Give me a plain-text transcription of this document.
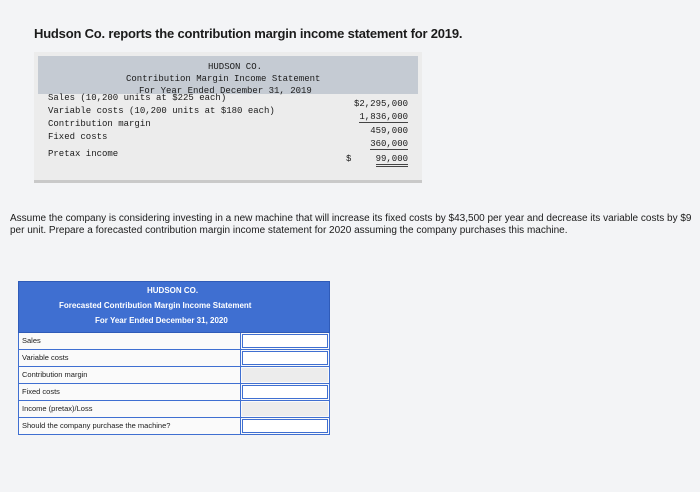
Hudson Co. reports the contribution margin income statement for 2019.
HUDSON CO.
Contribution Margin Income Statement
For Year Ended December 31, 2019
Sales (10,200 units at $225 each)
$2,295,000
Variable costs (10,200 units at $180 each)
1,836,000
Contribution margin
459,000
Fixed costs
360,000
Pretax income	$	99,000
Assume the company is considering investing in a new machine that will increase its fixed costs by $43,500 per year and decrease its variable costs by $9 per unit. Prepare a forecasted contribution margin income statement for 2020 assuming the company purchases this machine.
HUDSON CO.
Forecasted Contribution Margin Income Statement
For Year Ended December 31, 2020
Sales
Variable costs
Contribution margin
Fixed costs
Income (pretax)/Loss
Should the company purchase the machine?
